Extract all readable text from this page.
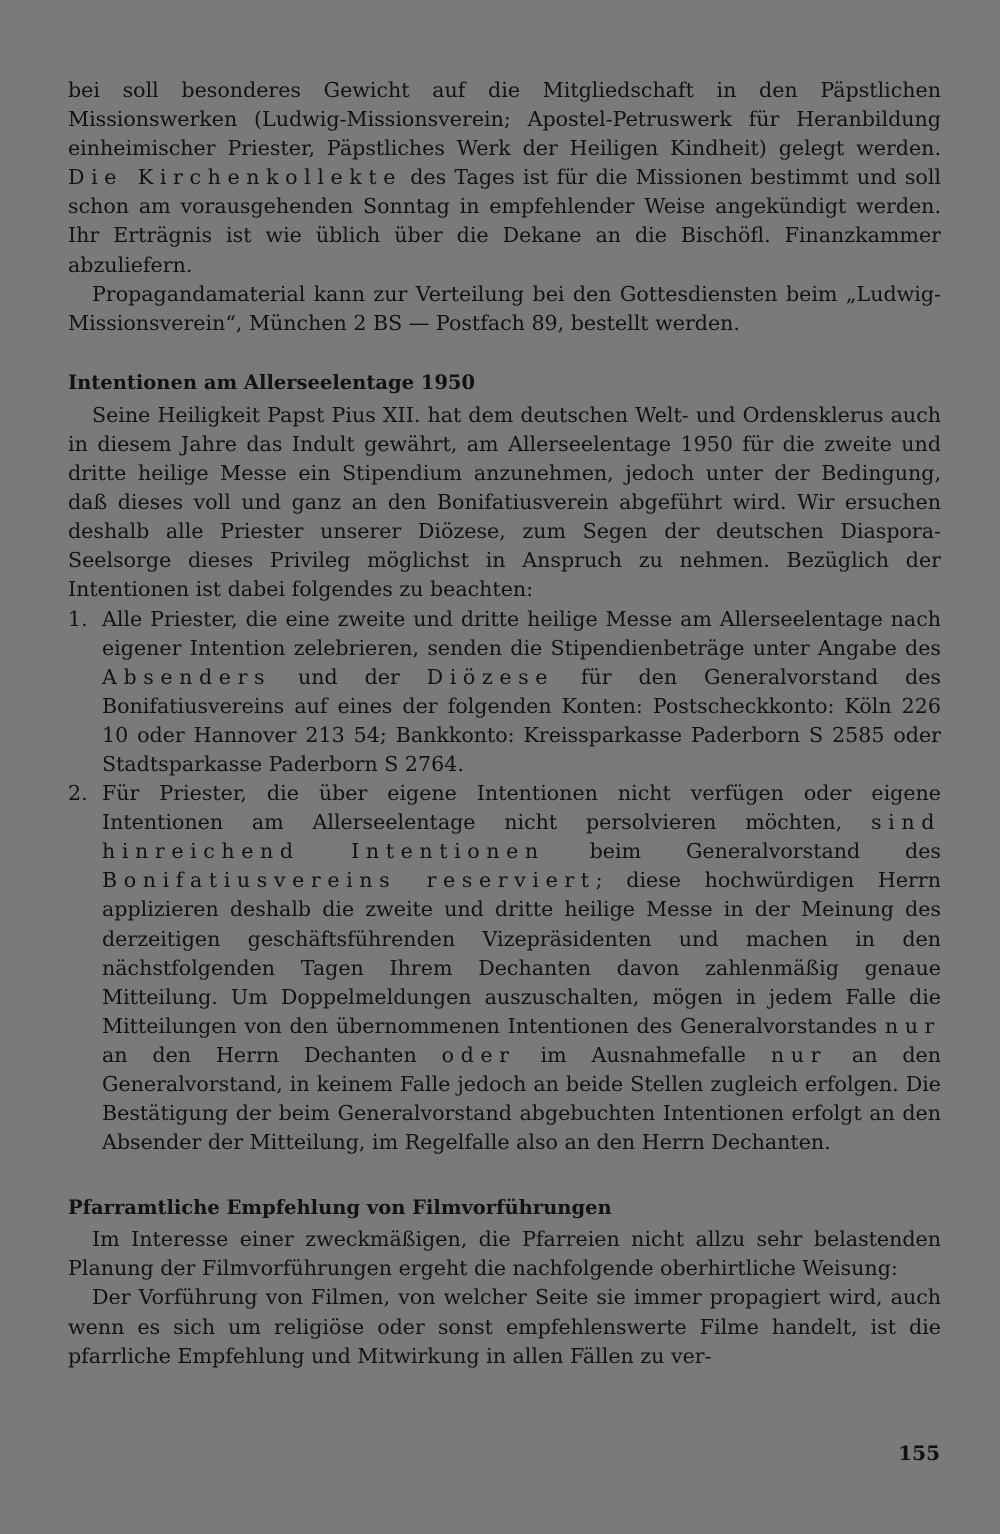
bei soll besonderes Gewicht auf die Mitgliedschaft in den Päpstlichen Missionswerken (Ludwig-Missionsverein; Apostel-Petruswerk für Heranbildung einheimischer Priester, Päpstliches Werk der Heiligen Kindheit) gelegt werden. Die Kirchenkollekte des Tages ist für die Missionen bestimmt und soll schon am vorausgehenden Sonntag in empfehlender Weise angekündigt werden. Ihr Erträgnis ist wie üblich über die Dekane an die Bischöfl. Finanzkammer abzuliefern.

Propagandamaterial kann zur Verteilung bei den Gottesdiensten beim „Ludwig-Missionsverein“, München 2 BS — Postfach 89, bestellt werden.

Intentionen am Allerseelentage 1950

Seine Heiligkeit Papst Pius XII. hat dem deutschen Welt- und Ordensklerus auch in diesem Jahre das Indult gewährt, am Allerseelentage 1950 für die zweite und dritte heilige Messe ein Stipendium anzunehmen, jedoch unter der Bedingung, daß dieses voll und ganz an den Bonifatiusverein abgeführt wird. Wir ersuchen deshalb alle Priester unserer Diözese, zum Segen der deutschen Diaspora-Seelsorge dieses Privileg möglichst in Anspruch zu nehmen. Bezüglich der Intentionen ist dabei folgendes zu beachten:

1. Alle Priester, die eine zweite und dritte heilige Messe am Allerseelentage nach eigener Intention zelebrieren, senden die Stipendienbeträge unter Angabe des Absenders und der Diözese für den Generalvorstand des Bonifatiusvereins auf eines der folgenden Konten: Postscheckkonto: Köln 226 10 oder Hannover 213 54; Bankkonto: Kreissparkasse Paderborn S 2585 oder Stadtsparkasse Paderborn S 2764.
2. Für Priester, die über eigene Intentionen nicht verfügen oder eigene Intentionen am Allerseelentage nicht persolvieren möchten, sind hinreichend Intentionen beim Generalvorstand des Bonifatiusvereins reserviert; diese hochwürdigen Herrn applizieren deshalb die zweite und dritte heilige Messe in der Meinung des derzeitigen geschäftsführenden Vizepräsidenten und machen in den nächstfolgenden Tagen Ihrem Dechanten davon zahlenmäßig genaue Mitteilung. Um Doppelmeldungen auszuschalten, mögen in jedem Falle die Mitteilungen von den übernommenen Intentionen des Generalvorstandes nur an den Herrn Dechanten oder im Ausnahmefalle nur an den Generalvorstand, in keinem Falle jedoch an beide Stellen zugleich erfolgen. Die Bestätigung der beim Generalvorstand abgebuchten Intentionen erfolgt an den Absender der Mitteilung, im Regelfalle also an den Herrn Dechanten.
Pfarramtliche Empfehlung von Filmvorführungen

Im Interesse einer zweckmäßigen, die Pfarreien nicht allzu sehr belastenden Planung der Filmvorführungen ergeht die nachfolgende oberhirtliche Weisung:

Der Vorführung von Filmen, von welcher Seite sie immer propagiert wird, auch wenn es sich um religiöse oder sonst empfehlenswerte Filme handelt, ist die pfarrliche Empfehlung und Mitwirkung in allen Fällen zu ver-

155
